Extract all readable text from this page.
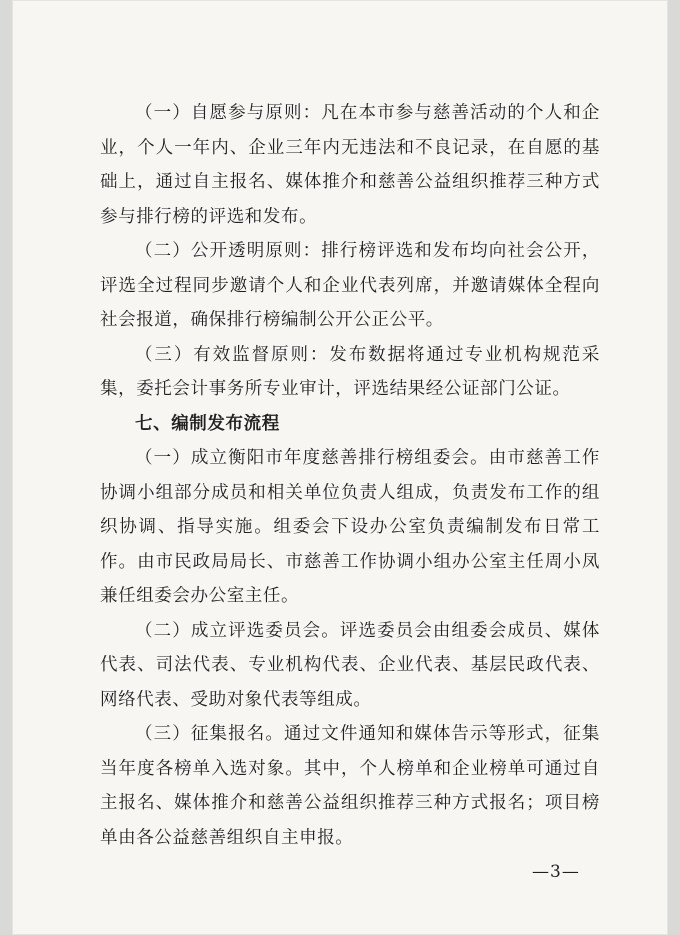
（一）自愿参与原则：凡在本市参与慈善活动的个人和企业，个人一年内、企业三年内无违法和不良记录，在自愿的基础上，通过自主报名、媒体推介和慈善公益组织推荐三种方式参与排行榜的评选和发布。

（二）公开透明原则：排行榜评选和发布均向社会公开，评选全过程同步邀请个人和企业代表列席，并邀请媒体全程向社会报道，确保排行榜编制公开公正公平。

（三）有效监督原则：发布数据将通过专业机构规范采集，委托会计事务所专业审计，评选结果经公证部门公证。

七、编制发布流程

（一）成立衡阳市年度慈善排行榜组委会。由市慈善工作协调小组部分成员和相关单位负责人组成，负责发布工作的组织协调、指导实施。组委会下设办公室负责编制发布日常工作。由市民政局局长、市慈善工作协调小组办公室主任周小凤兼任组委会办公室主任。

（二）成立评选委员会。评选委员会由组委会成员、媒体代表、司法代表、专业机构代表、企业代表、基层民政代表、网络代表、受助对象代表等组成。

（三）征集报名。通过文件通知和媒体告示等形式，征集当年度各榜单入选对象。其中，个人榜单和企业榜单可通过自主报名、媒体推介和慈善公益组织推荐三种方式报名；项目榜单由各公益慈善组织自主申报。

—3—
